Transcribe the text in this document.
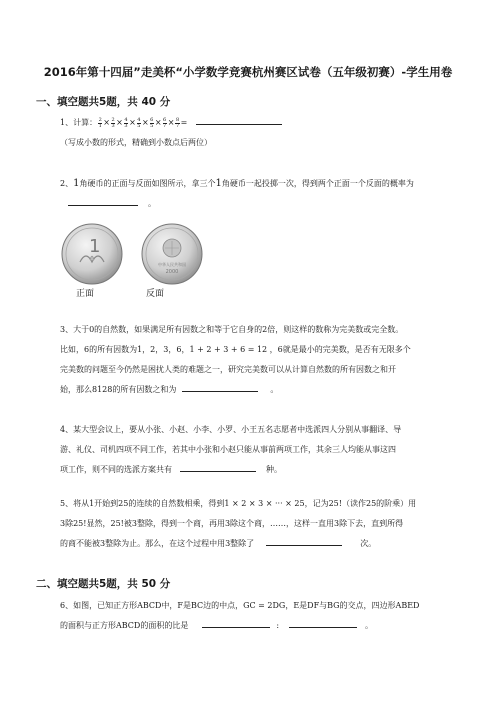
2016年第十四届”走美杯“小学数学竞赛杭州赛区试卷（五年级初赛）-学生用卷
一、填空题共5题，共 40 分
1、计算： $\frac{2}{1} \times \frac{2}{3} \times \frac{4}{3} \times \frac{4}{5} \times \frac{6}{5} \times \frac{6}{7} \times \frac{8}{7}$ =  （写成小数的形式，精确到小数点后两位）
2、1角硬币的正面与反面如图所示，拿三个1角硬币一起投掷一次，得到两个正面一个反面的概率为 。
1
中华人民共和国
2000
正面	反面
3、大于0的自然数，如果满足所有因数之和等于它自身的2倍，则这样的数称为完美数或完全数。
比如，6的所有因数为1，2，3，6，1 + 2 + 3 + 6 = 12 ，6就是最小的完美数，是否有无限多个
完美数的问题至今仍然是困扰人类的难题之一，研究完美数可以从计算自然数的所有因数之和开
始，那么8128的所有因数之和为	。
4、某大型会议上，要从小张、小赵、小李、小罗、小王五名志愿者中选派四人分别从事翻译、导
游、礼仪、司机四项不同工作，若其中小张和小赵只能从事前两项工作，其余三人均能从事这四
项工作，则不同的选派方案共有	种。
5、将从1开始到25的连续的自然数相乘，得到1 × 2 × 3 × ··· × 25，记为25!（读作25的阶乘）用
3除25!显然，25!被3整除，得到一个商，再用3除这个商，……，这样一直用3除下去，直到所得
的商不能被3整除为止。那么，在这个过程中用3整除了	次。
二、填空题共5题，共 50 分
6、如图，已知正方形ABCD中，F是BC边的中点，GC = 2DG，E是DF与BG的交点，四边形ABED
的面积与正方形ABCD的面积的比是	:	。
